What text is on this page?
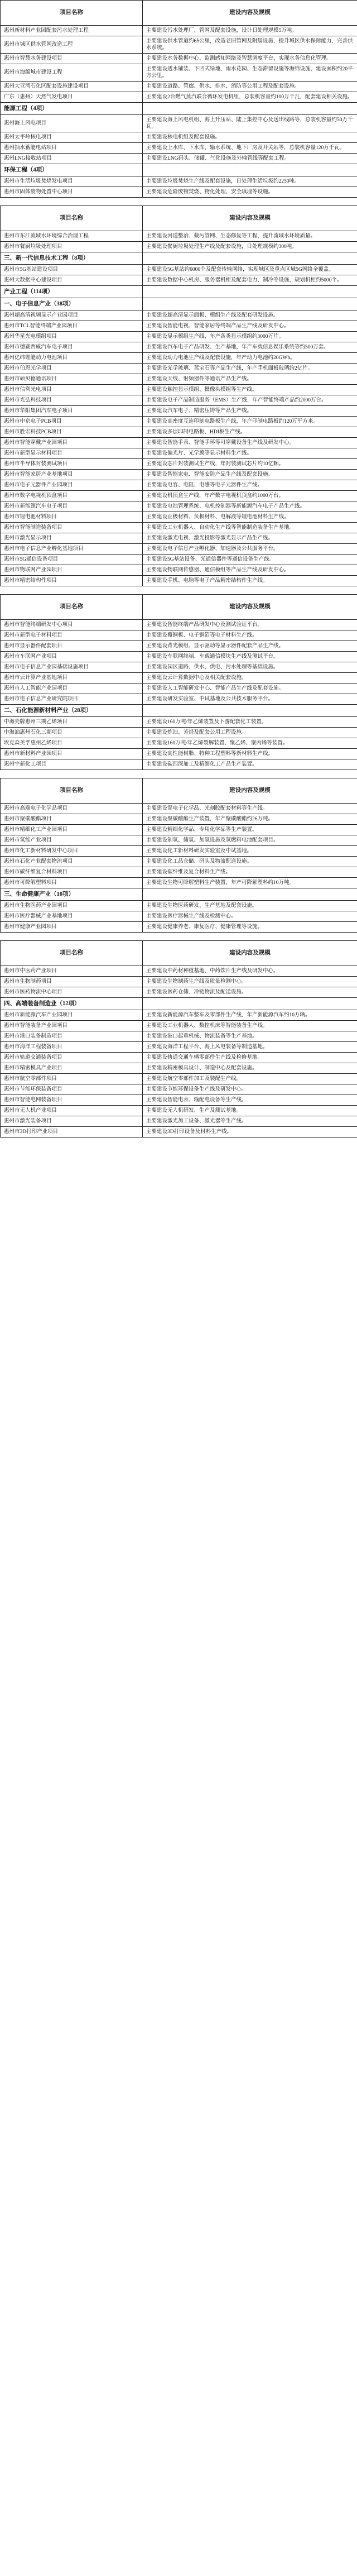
项目名称	建设内容及规模
惠州新材料产业园配套污水处理工程	主要建设污水处理厂、管网及配套设施，设计日处理规模5万吨。
惠州市城区供水管网改造工程	主要建设供水管道约65公里，改造老旧管网及附属设施，提升城区供水保障能力，完善供水系统。
惠州市智慧水务建设项目	主要建设水务数据中心、监测感知网络及智慧调度平台，实现水务信息化管理。
惠州市海绵城市建设工程	主要建设透水铺装、下凹式绿地、雨水花园、生态滞留设施等海绵设施，建设面积约20平方公里。
惠州大亚湾石化区配套设施建设项目	主要建设道路、管廊、供水、排水、消防等公用工程及配套设施。
广东（惠州）天然气发电项目	主要建设2台燃气蒸汽联合循环发电机组，总装机容量约100万千瓦，配套建设相关设施。
能源工程（4项）	
惠州海上风电项目	主要建设海上风电机组、海上升压站、陆上集控中心及送出线路等，总装机容量约50万千瓦。
惠州太平岭核电项目	主要建设核电机组及配套设施。
惠州抽水蓄能电站项目	主要建设上水库、下水库、输水系统、地下厂房及开关站等，总装机容量120万千瓦。
惠州LNG接收站项目	主要建设LNG码头、储罐、气化设施及外输管线等配套工程。
环保工程（4项）	
惠州市生活垃圾焚烧发电项目	主要建设垃圾焚烧生产线及配套设施，日处理生活垃圾约2250吨。
惠州市固体废物处置中心项目	主要建设危险废物焚烧、物化处理、安全填埋等设施。
项目名称	建设内容及规模
惠州市东江流域水环境综合治理工程	主要建设河道整治、截污管网、生态修复等工程，提升流域水环境质量。
惠州市餐厨垃圾处理项目	主要建设餐厨垃圾处理生产线及配套设施，日处理规模约300吨。
三、新一代信息技术工程（8项）	
惠州市5G基站建设项目	主要建设5G基站约6000个及配套传输网络，实现城区及重点区域5G网络全覆盖。
惠州大数据中心建设项目	主要建设数据中心机房、服务器机柜及配套电力、制冷等设施，规划机柜约5000个。
产业工程（114项）	
一、电子信息产业（38项）	
惠州超高清视频显示产业园项目	主要建设超高清显示面板、模组生产线及配套研发设施。
惠州市TCL智能终端产业园项目	主要建设智能电视、智能家居等终端产品生产线及研发中心。
惠州华星光电模组项目	主要建设显示模组生产线，年产各类显示模组约3000万片。
惠州市德赛西威汽车电子项目	主要建设汽车电子产品研发、生产基地，年产车载信息娱乐系统等约500万套。
惠州亿纬锂能动力电池项目	主要建设动力电池生产线及配套设施，年产动力电池约20GWh。
惠州市伯恩光学项目	主要建设光学玻璃、蓝宝石等产品生产线，年产手机面板玻璃约2亿片。
惠州市硕贝德通讯项目	主要建设天线、射频器件等通讯产品生产线。
惠州市信利光电项目	主要建设触控显示模组、摄像头模组等生产线。
惠州市光弘科技项目	主要建设电子产品制造服务（EMS）生产线，年产智能终端产品约2000万台。
惠州市华阳集团汽车电子项目	主要建设汽车电子、精密压铸等产品生产线。
惠州市中京电子PCB项目	主要建设高密度互连印制电路板生产线，年产印制电路板约120万平方米。
惠州市胜宏科技PCB项目	主要建设多层印制电路板、HDI板生产线。
惠州市智能穿戴产业园项目	主要建设智能手表、智能手环等可穿戴设备生产线及研发中心。
惠州市新型显示材料项目	主要建设偏光片、光学膜等显示材料生产线。
惠州市半导体封装测试项目	主要建设芯片封装测试生产线，年封装测试芯片约10亿颗。
惠州市智能家居产业基地项目	主要建设智能家电、智能安防产品生产线及配套设施。
惠州市电子元器件产业园项目	主要建设电容、电阻、电感等电子元器件生产线。
惠州市数字电视机顶盒项目	主要建设机顶盒生产线，年产数字电视机顶盒约1000万台。
惠州市新能源汽车电子项目	主要建设电池管理系统、电机控制器等新能源汽车电子产品生产线。
惠州市锂电池材料项目	主要建设正极材料、负极材料、电解液等锂电池材料生产线。
惠州市智能制造装备项目	主要建设工业机器人、自动化生产线等智能制造装备生产基地。
惠州市激光显示项目	主要建设激光电视、激光投影等激光显示产品生产线。
惠州市电子信息产业孵化基地项目	主要建设电子信息产业孵化器、加速器及公共服务平台。
惠州市5G通信设备项目	主要建设5G基站设备、光通信器件等通信设备生产线。
惠州市物联网产业园项目	主要建设物联网传感器、通信模组等产品生产线及研发中心。
惠州市精密结构件项目	主要建设手机、电脑等电子产品精密结构件生产线。
项目名称	建设内容及规模
惠州市智能终端研发中心项目	主要建设智能终端产品研发中心及测试验证平台。
惠州市新型电子材料项目	主要建设覆铜板、电子铜箔等电子材料生产线。
惠州市显示器件配套项目	主要建设背光模组、显示驱动等显示器件配套产品生产线。
惠州市车联网产业项目	主要建设车联网终端、车载通信模块生产线及测试平台。
惠州市电子信息产业园基础设施项目	主要建设园区道路、供水、供电、污水处理等基础设施。
惠州市云计算产业基地项目	主要建设云计算数据中心及相关配套设施。
惠州市人工智能产业园项目	主要建设人工智能研发中心、智能产品生产线及配套设施。
惠州市电子信息产业研究院项目	主要建设研发实验室、中试基地及公共技术服务平台。
二、石化能源新材料产业（28项）	
中海壳牌惠州三期乙烯项目	主要建设160万吨/年乙烯装置及下游配套化工装置。
中海油惠州石化三期项目	主要建设炼油、芳烃及配套公用工程设施。
埃克森美孚惠州乙烯项目	主要建设160万吨/年乙烯裂解装置、聚乙烯、聚丙烯等装置。
惠州市新材料产业园项目	主要建设高性能树脂、特种工程塑料等新材料生产线。
惠州宇新化工项目	主要建设碳四深加工及精细化工产品生产装置。
项目名称	建设内容及规模
惠州市高端电子化学品项目	主要建设湿电子化学品、光刻胶配套材料等生产线。
惠州市聚碳酸酯项目	主要建设聚碳酸酯生产装置，年产聚碳酸酯约26万吨。
惠州市精细化工产业园项目	主要建设精细化学品、专用化学品等生产装置。
惠州市氢能产业项目	主要建设制氢、储氢、加氢设施及氢燃料电池配套项目。
惠州市化工新材料研发中心项目	主要建设化工新材料研发实验室及中试基地。
惠州市石化产业配套物流项目	主要建设化工品仓储、码头及物流配送设施。
惠州市碳纤维复合材料项目	主要建设碳纤维及复合材料生产线。
惠州市可降解塑料项目	主要建设生物可降解塑料生产装置，年产可降解塑料约10万吨。
三、生命健康产业（10项）	
惠州市生物医药产业园项目	主要建设生物医药研发、生产基地及配套设施。
惠州市医疗器械产业基地项目	主要建设医疗器械生产线及检测中心。
惠州市健康产业园项目	主要建设健康养老、康复医疗、健康管理等设施。
项目名称	建设内容及规模
惠州市中医药产业项目	主要建设中药材种植基地、中药饮片生产线及研发中心。
惠州市生物制药项目	主要建设生物制药生产线及质量检测中心。
惠州市医药物流中心项目	主要建设医药仓储、冷链物流及配送设施。
四、高端装备制造业（12项）	
惠州市新能源汽车产业园项目	主要建设新能源汽车整车及零部件生产线，年产新能源汽车约10万辆。
惠州市智能装备产业园项目	主要建设工业机器人、数控机床等智能装备生产线。
惠州市港口装备制造项目	主要建设港口起重机械、物流装备等生产基地。
惠州市海洋工程装备项目	主要建设海洋工程平台、海上风电装备等制造基地。
惠州市轨道交通装备项目	主要建设轨道交通车辆零部件生产线及检修基地。
惠州市精密模具产业项目	主要建设精密模具设计、制造中心及配套设施。
惠州市航空零部件项目	主要建设航空零部件加工及装配生产线。
惠州市节能环保装备项目	主要建设节能环保设备生产线及研发中心。
惠州市智能电网装备项目	主要建设智能电表、输配电设备等生产线。
惠州市无人机产业项目	主要建设无人机研发、生产及测试基地。
惠州市激光装备项目	主要建设激光加工设备、激光器等生产线。
惠州市3D打印产业项目	主要建设3D打印设备及材料生产线。
